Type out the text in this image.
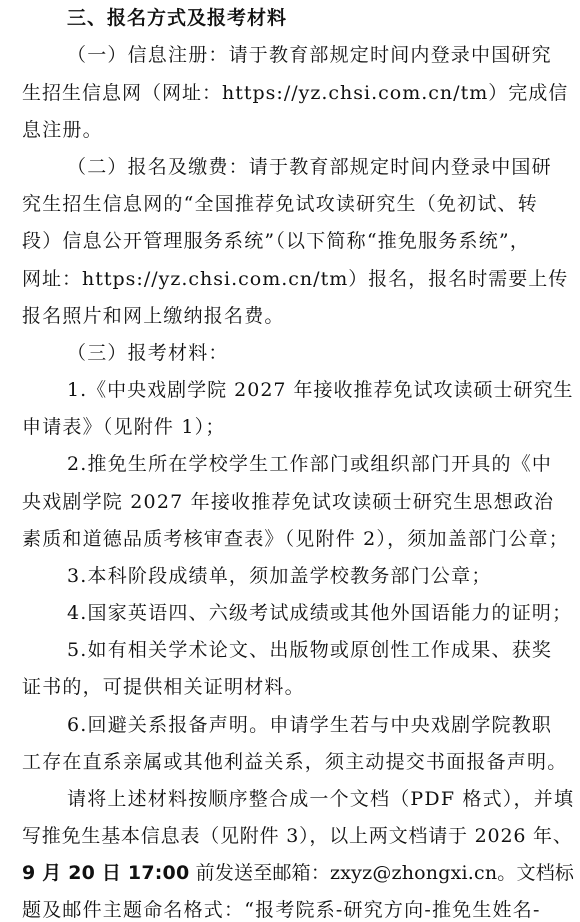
三、报名方式及报考材料
（一）信息注册：请于教育部规定时间内登录中国研究
生招生信息网（网址：https://yz.chsi.com.cn/tm）完成信
息注册。
（二）报名及缴费：请于教育部规定时间内登录中国研
究生招生信息网的“全国推荐免试攻读研究生（免初试、转
段）信息公开管理服务系统”（以下简称“推免服务系统”，
网址：https://yz.chsi.com.cn/tm）报名，报名时需要上传
报名照片和网上缴纳报名费。
（三）报考材料：
1.《中央戏剧学院 2027 年接收推荐免试攻读硕士研究生
申请表》（见附件 1）；
2.推免生所在学校学生工作部门或组织部门开具的《中
央戏剧学院 2027 年接收推荐免试攻读硕士研究生思想政治
素质和道德品质考核审查表》（见附件 2），须加盖部门公章；
3.本科阶段成绩单，须加盖学校教务部门公章；
4.国家英语四、六级考试成绩或其他外国语能力的证明；
5.如有相关学术论文、出版物或原创性工作成果、获奖
证书的，可提供相关证明材料。
6.回避关系报备声明。申请学生若与中央戏剧学院教职
工存在直系亲属或其他利益关系，须主动提交书面报备声明。
请将上述材料按顺序整合成一个文档（PDF 格式），并填
写推免生基本信息表（见附件 3），以上两文档请于 2026 年、
9 月 20 日 17:00 前发送至邮箱：zxyz@zhongxi.cn。文档标
题及邮件主题命名格式：“报考院系-研究方向-推免生姓名-
